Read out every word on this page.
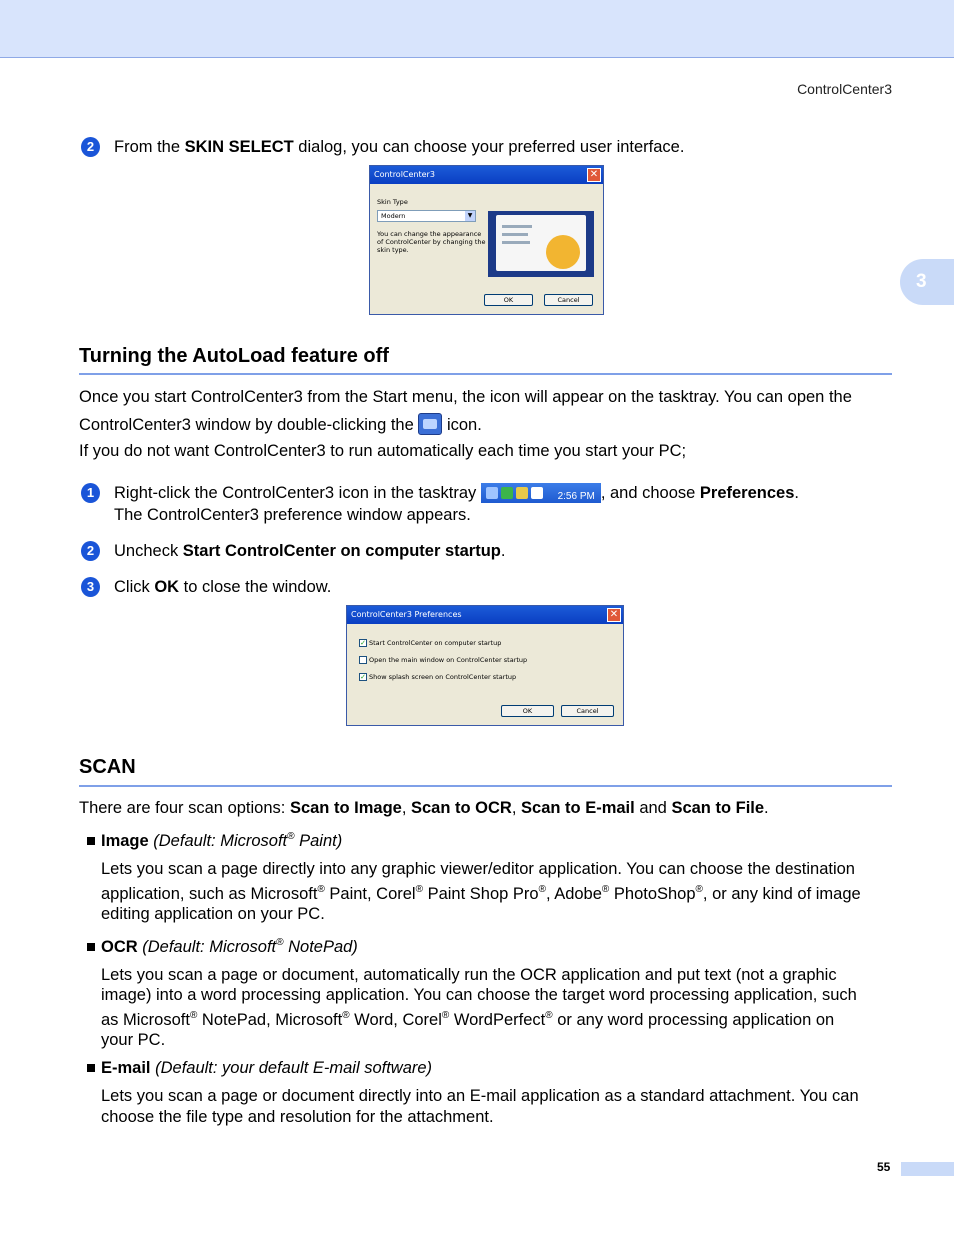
ControlCenter3
3
2	From the SKIN SELECT dialog, you can choose your preferred user interface.
ControlCenter3	✕
Skin Type
Modern	▼
You can change the appearance
of ControlCenter by changing the
skin type.
OK	Cancel
Turning the AutoLoad feature off
Once you start ControlCenter3 from the Start menu, the icon will appear on the tasktray. You can open the
ControlCenter3 window by double-clicking the  icon.
If you do not want ControlCenter3 to run automatically each time you start your PC;
1	Right-click the ControlCenter3 icon in the tasktray	2:56 PM , and choose Preferences.
The ControlCenter3 preference window appears.
2	Uncheck Start ControlCenter on computer startup.
3	Click OK to close the window.
ControlCenter3 Preferences	✕
✓ Start ControlCenter on computer startup
Open the main window on ControlCenter startup
✓ Show splash screen on ControlCenter startup
OK	Cancel
SCAN
There are four scan options: Scan to Image, Scan to OCR, Scan to E-mail and Scan to File.
Image (Default: Microsoft® Paint)
Lets you scan a page directly into any graphic viewer/editor application. You can choose the destination
application, such as Microsoft® Paint, Corel® Paint Shop Pro®, Adobe® PhotoShop®, or any kind of image
editing application on your PC.
OCR (Default: Microsoft® NotePad)
Lets you scan a page or document, automatically run the OCR application and put text (not a graphic
image) into a word processing application. You can choose the target word processing application, such
as Microsoft® NotePad, Microsoft® Word, Corel® WordPerfect® or any word processing application on
your PC.
E-mail (Default: your default E-mail software)
Lets you scan a page or document directly into an E-mail application as a standard attachment. You can
choose the file type and resolution for the attachment.
55
